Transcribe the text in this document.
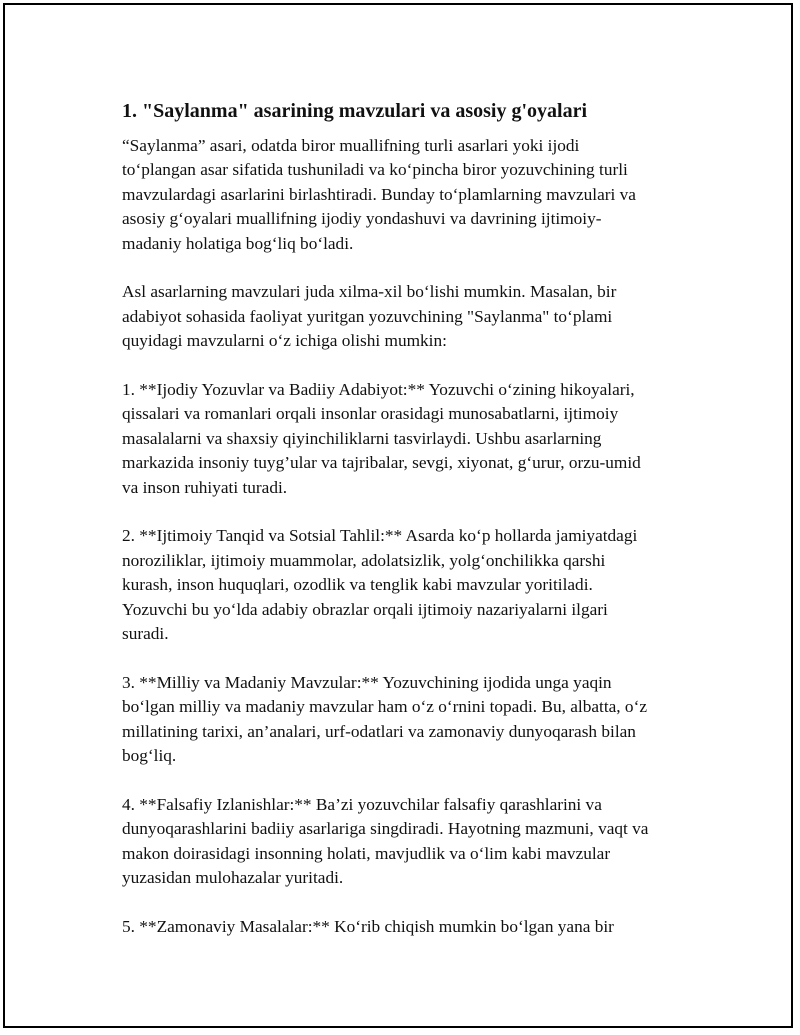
1. "Saylanma" asarining mavzulari va asosiy g'oyalari
“Saylanma” asari, odatda biror muallifning turli asarlari yoki ijodi
to‘plangan asar sifatida tushuniladi va ko‘pincha biror yozuvchining turli
mavzulardagi asarlarini birlashtiradi. Bunday to‘plamlarning mavzulari va
asosiy g‘oyalari muallifning ijodiy yondashuvi va davrining ijtimoiy-
madaniy holatiga bog‘liq bo‘ladi.
Asl asarlarning mavzulari juda xilma-xil bo‘lishi mumkin. Masalan, bir
adabiyot sohasida faoliyat yuritgan yozuvchining "Saylanma" to‘plami
quyidagi mavzularni o‘z ichiga olishi mumkin:
1. **Ijodiy Yozuvlar va Badiiy Adabiyot:** Yozuvchi o‘zining hikoyalari,
qissalari va romanlari orqali insonlar orasidagi munosabatlarni, ijtimoiy
masalalarni va shaxsiy qiyinchiliklarni tasvirlaydi. Ushbu asarlarning
markazida insoniy tuyg’ular va tajribalar, sevgi, xiyonat, g‘urur, orzu-umid
va inson ruhiyati turadi.
2. **Ijtimoiy Tanqid va Sotsial Tahlil:** Asarda ko‘p hollarda jamiyatdagi
noroziliklar, ijtimoiy muammolar, adolatsizlik, yolg‘onchilikka qarshi
kurash, inson huquqlari, ozodlik va tenglik kabi mavzular yoritiladi.
Yozuvchi bu yo‘lda adabiy obrazlar orqali ijtimoiy nazariyalarni ilgari
suradi.
3. **Milliy va Madaniy Mavzular:** Yozuvchining ijodida unga yaqin
bo‘lgan milliy va madaniy mavzular ham o‘z o‘rnini topadi. Bu, albatta, o‘z
millatining tarixi, an’analari, urf-odatlari va zamonaviy dunyoqarash bilan
bog‘liq.
4. **Falsafiy Izlanishlar:** Ba’zi yozuvchilar falsafiy qarashlarini va
dunyoqarashlarini badiiy asarlariga singdiradi. Hayotning mazmuni, vaqt va
makon doirasidagi insonning holati, mavjudlik va o‘lim kabi mavzular
yuzasidan mulohazalar yuritadi.
5. **Zamonaviy Masalalar:** Ko‘rib chiqish mumkin bo‘lgan yana bir
